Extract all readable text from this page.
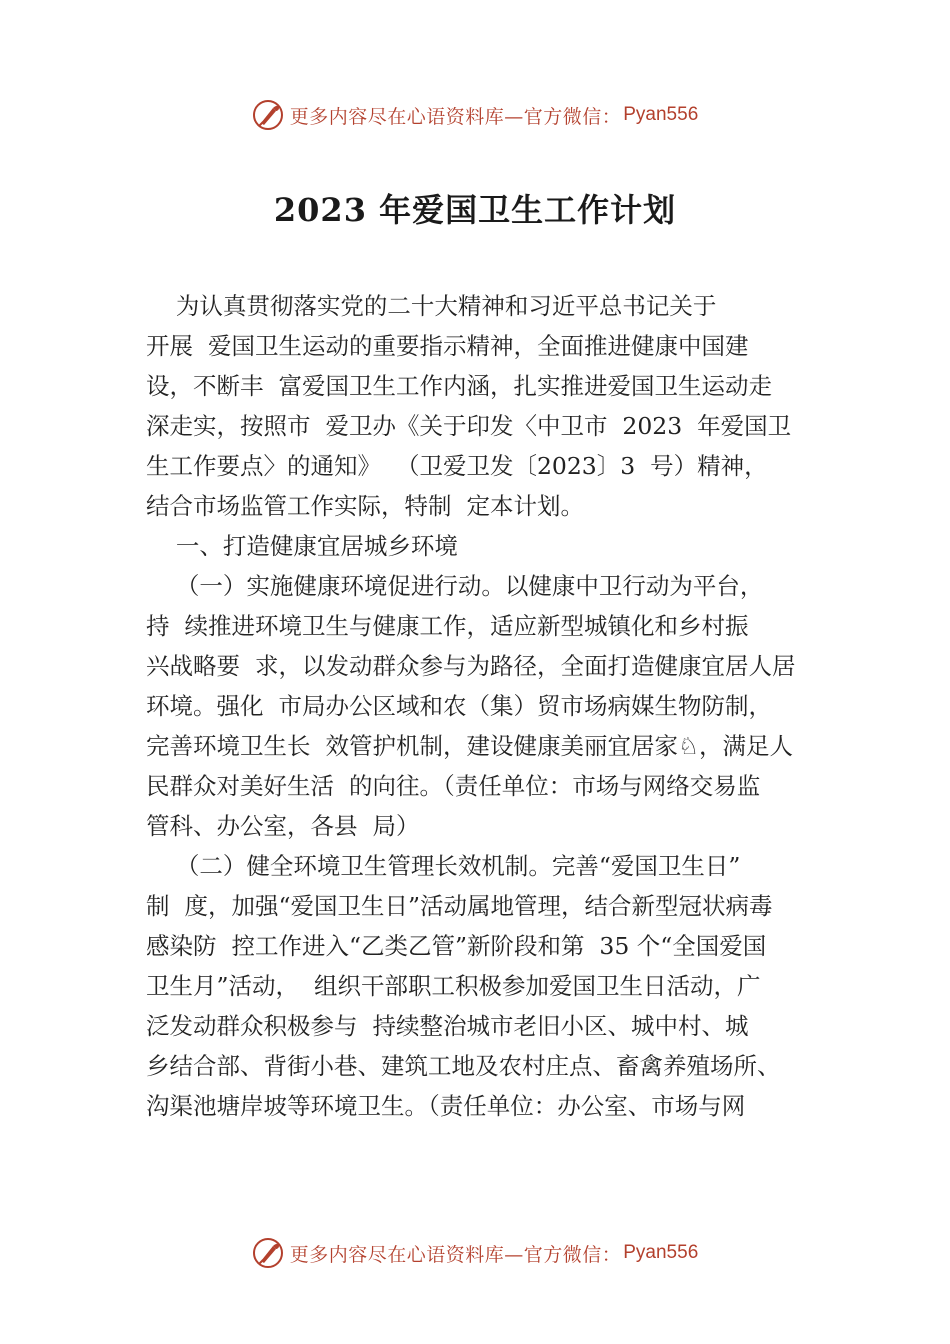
更多内容尽在心语资料库—官方微信： Pyan556
2023 年爱国卫生工作计划
为认真贯彻落实党的二十大精神和习近平总书记关于
开展  爱国卫生运动的重要指示精神，全面推进健康中国建
设，不断丰  富爱国卫生工作内涵，扎实推进爱国卫生运动走
深走实，按照市  爱卫办《关于印发〈中卫市  2023  年爱国卫
生工作要点〉的通知》  （卫爱卫发〔2023〕3  号）精神，
结合市场监管工作实际，特制  定本计划。
一、打造健康宜居城乡环境
（一）实施健康环境促进行动。以健康中卫行动为平台，
持  续推进环境卫生与健康工作，适应新型城镇化和乡村振
兴战略要  求，以发动群众参与为路径，全面打造健康宜居人居
环境。强化  市局办公区域和农（集）贸市场病媒生物防制，
完善环境卫生长  效管护机制，建设健康美丽宜居家♘，满足人
民群众对美好生活  的向往。（责任单位：市场与网络交易监
管科、办公室，各县  局）
（二）健全环境卫生管理长效机制。完善“爱国卫生日”
制  度，加强“爱国卫生日”活动属地管理，结合新型冠状病毒
感染防  控工作进入“乙类乙管”新阶段和第  35 个“全国爱国
卫生月”活动，  组织干部职工积极参加爱国卫生日活动，广
泛发动群众积极参与  持续整治城市老旧小区、城中村、城
乡结合部、背街小巷、建筑工地及农村庄点、畜禽养殖场所、
沟渠池塘岸坡等环境卫生。（责任单位：办公室、市场与网
更多内容尽在心语资料库—官方微信： Pyan556
